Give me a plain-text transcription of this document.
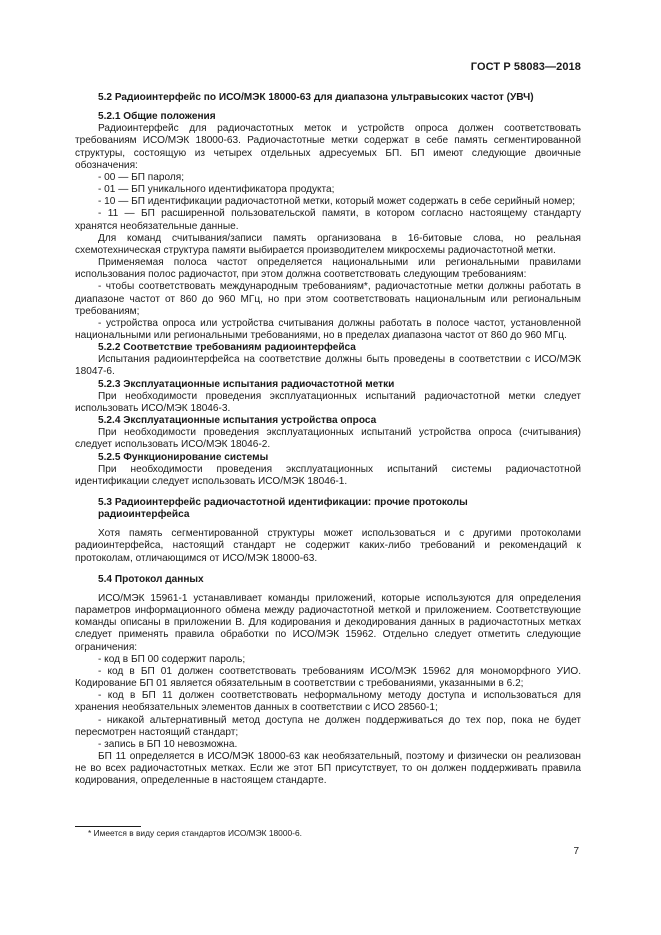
ГОСТ Р 58083—2018

5.2 Радиоинтерфейс по ИСО/МЭК 18000-63 для диапазона ультравысоких частот (УВЧ)

5.2.1 Общие положения

Радиоинтерфейс для радиочастотных меток и устройств опроса должен соответствовать требованиям ИСО/МЭК 18000-63. Радиочастотные метки содержат в себе память сегментированной структуры, состоящую из четырех отдельных адресуемых БП. БП имеют следующие двоичные обозначения:

- 00 — БП пароля;

- 01 — БП уникального идентификатора продукта;

- 10 — БП идентификации радиочастотной метки, который может содержать в себе серийный номер;

- 11 — БП расширенной пользовательской памяти, в котором согласно настоящему стандарту хранятся необязательные данные.

Для команд считывания/записи память организована в 16-битовые слова, но реальная схемотехническая структура памяти выбирается производителем микросхемы радиочастотной метки.

Применяемая полоса частот определяется национальными или региональными правилами использования полос радиочастот, при этом должна соответствовать следующим требованиям:

- чтобы соответствовать международным требованиям*, радиочастотные метки должны работать в диапазоне частот от 860 до 960 МГц, но при этом соответствовать национальным или региональным требованиям;

- устройства опроса или устройства считывания должны работать в полосе частот, установленной национальными или региональными требованиями, но в пределах диапазона частот от 860 до 960 МГц.

5.2.2 Соответствие требованиям радиоинтерфейса

Испытания радиоинтерфейса на соответствие должны быть проведены в соответствии с ИСО/МЭК 18047-6.

5.2.3 Эксплуатационные испытания радиочастотной метки

При необходимости проведения эксплуатационных испытаний радиочастотной метки следует использовать ИСО/МЭК 18046-3.

5.2.4 Эксплуатационные испытания устройства опроса

При необходимости проведения эксплуатационных испытаний устройства опроса (считывания) следует использовать ИСО/МЭК 18046-2.

5.2.5 Функционирование системы

При необходимости проведения эксплуатационных испытаний системы радиочастотной идентификации следует использовать ИСО/МЭК 18046-1.

5.3 Радиоинтерфейс радиочастотной идентификации: прочие протоколы

радиоинтерфейса

Хотя память сегментированной структуры может использоваться и с другими протоколами радиоинтерфейса, настоящий стандарт не содержит каких-либо требований и рекомендаций к протоколам, отличающимся от ИСО/МЭК 18000-63.

5.4 Протокол данных

ИСО/МЭК 15961-1 устанавливает команды приложений, которые используются для определения параметров информационного обмена между радиочастотной меткой и приложением. Соответствующие команды описаны в приложении В. Для кодирования и декодирования данных в радиочастотных метках следует применять правила обработки по ИСО/МЭК 15962. Отдельно следует отметить следующие ограничения:

- код в БП 00 содержит пароль;

- код в БП 01 должен соответствовать требованиям ИСО/МЭК 15962 для мономорфного УИО. Кодирование БП 01 является обязательным в соответствии с требованиями, указанными в 6.2;

- код в БП 11 должен соответствовать неформальному методу доступа и использоваться для хранения необязательных элементов данных в соответствии с ИСО 28560-1;

- никакой альтернативный метод доступа не должен поддерживаться до тех пор, пока не будет пересмотрен настоящий стандарт;

- запись в БП 10 невозможна.

БП 11 определяется в ИСО/МЭК 18000-63 как необязательный, поэтому и физически он реализован не во всех радиочастотных метках. Если же этот БП присутствует, то он должен поддерживать правила кодирования, определенные в настоящем стандарте.

* Имеется в виду серия стандартов ИСО/МЭК 18000-6.
7
